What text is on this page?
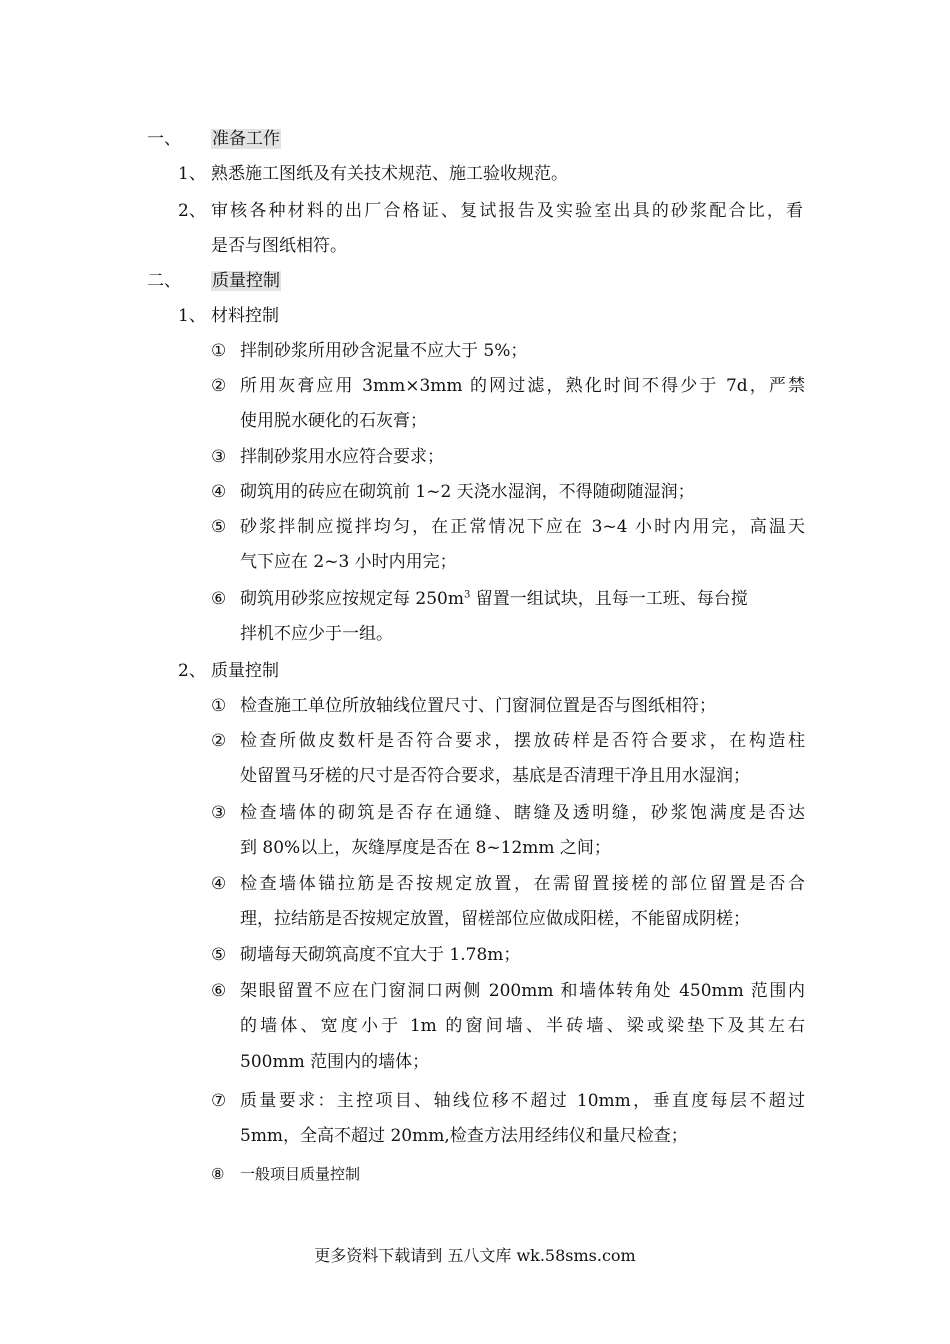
一、 准备工作
1、 熟悉施工图纸及有关技术规范、施工验收规范。
2、 审核各种材料的出厂合格证、复试报告及实验室出具的砂浆配合比，看
是否与图纸相符。
二、 质量控制
1、 材料控制
① 拌制砂浆所用砂含泥量不应大于 5%；
② 所用灰膏应用 3mm×3mm 的网过滤，熟化时间不得少于 7d，严禁
使用脱水硬化的石灰膏；
③ 拌制砂浆用水应符合要求；
④ 砌筑用的砖应在砌筑前 1~2 天浇水湿润，不得随砌随湿润；
⑤ 砂浆拌制应搅拌均匀，在正常情况下应在 3~4 小时内用完，高温天
气下应在 2~3 小时内用完；
⑥ 砌筑用砂浆应按规定每 $250m^3$ 留置一组试块，且每一工班、每台搅
拌机不应少于一组。
2、 质量控制
① 检查施工单位所放轴线位置尺寸、门窗洞位置是否与图纸相符；
② 检查所做皮数杆是否符合要求，摆放砖样是否符合要求，在构造柱
处留置马牙槎的尺寸是否符合要求，基底是否清理干净且用水湿润；
③ 检查墙体的砌筑是否存在通缝、瞎缝及透明缝，砂浆饱满度是否达
到 80%以上，灰缝厚度是否在 8~12mm 之间；
④ 检查墙体锚拉筋是否按规定放置，在需留置接槎的部位留置是否合
理，拉结筋是否按规定放置，留槎部位应做成阳槎，不能留成阴槎；
⑤ 砌墙每天砌筑高度不宜大于 1.78m；
⑥ 架眼留置不应在门窗洞口两侧 200mm 和墙体转角处 450mm 范围内
的墙体、宽度小于 1m 的窗间墙、半砖墙、梁或梁垫下及其左右
500mm 范围内的墙体；
⑦ 质量要求：主控项目、轴线位移不超过 10mm，垂直度每层不超过
5mm，全高不超过 20mm,检查方法用经纬仪和量尺检查；
⑧ 一般项目质量控制
更多资料下载请到 五八文库 wk.58sms.com
